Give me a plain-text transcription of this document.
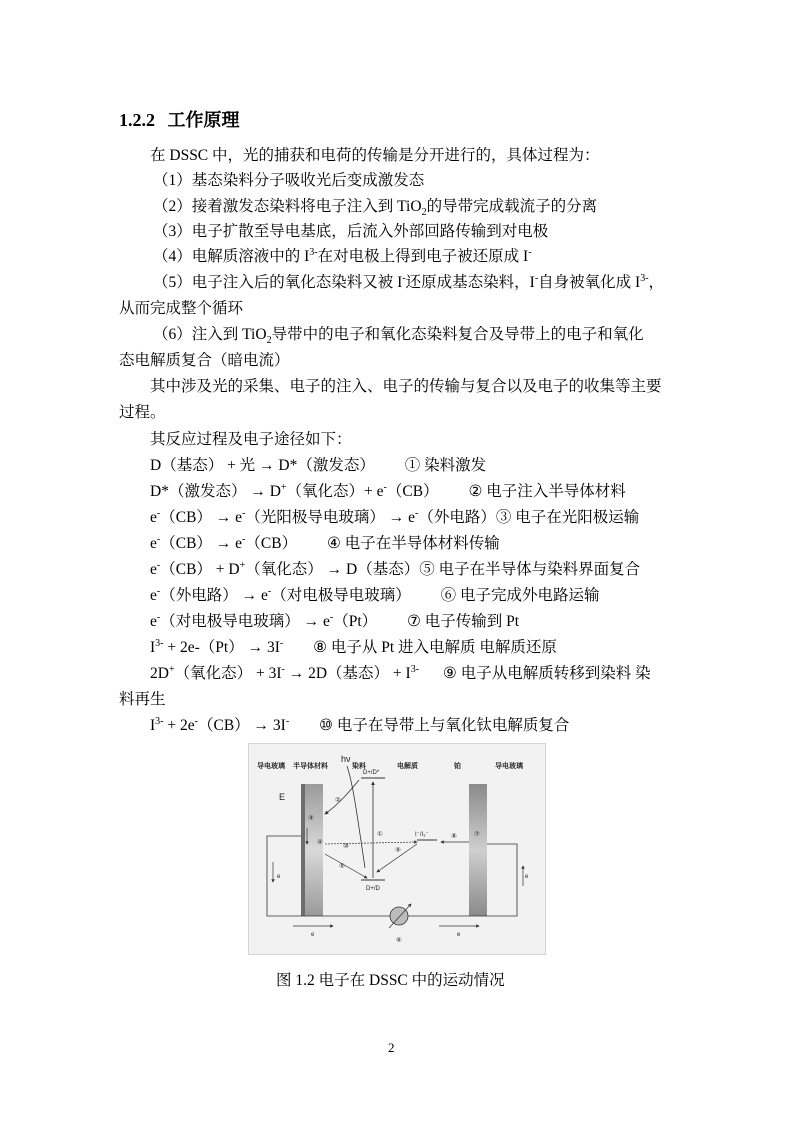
1.2.2 工作原理
在 DSSC 中，光的捕获和电荷的传输是分开进行的，具体过程为：
（1）基态染料分子吸收光后变成激发态
（2）接着激发态染料将电子注入到 TiO$_2$的导带完成载流子的分离
（3）电子扩散至导电基底，后流入外部回路传输到对电极
（4）电解质溶液中的 $I^{3-}$在对电极上得到电子被还原成 I-
（5）电子注入后的氧化态染料又被 I-还原成基态染料，I-自身被氧化成 $I^{3-}$，
从而完成整个循环
（6）注入到 TiO$_2$导带中的电子和氧化态染料复合及导带上的电子和氧化
态电解质复合（暗电流）
其中涉及光的采集、电子的注入、电子的传输与复合以及电子的收集等主要
过程。
其反应过程及电子途径如下：
D（基态） + 光 → D*（激发态） ① 染料激发
D*（激发态） → D+（氧化态）+ e-（CB） ② 电子注入半导体材料
e-（CB） → e-（光阳极导电玻璃） → e-（外电路）③ 电子在光阳极运输
e-（CB） → e-（CB） ④ 电子在半导体材料传输
e-（CB） + D+（氧化态） → D（基态）⑤ 电子在半导体与染料界面复合
e-（外电路） → e-（对电极导电玻璃） ⑥ 电子完成外电路运输
e-（对电极导电玻璃） → e-（Pt） ⑦ 电子传输到 Pt
$I^{3-} + 2e-(Pt) \to 3I^-$ ⑧ 电子从 Pt 进入电解质 电解质还原
2D+（氧化态） + 3I- → 2D（基态） + $I^{3-}$ ⑨ 电子从电解质转移到染料 染
料再生
$I^{3-} + 2e^-(CB) \to 3I^-$ ⑩ 电子在导带上与氧化钛电解质复合
导电玻璃 半导体材料	染料	电解质	铂	导电玻璃
hν
E
e	e
e	e
D+/D*
D+/D
I⁻/I₃⁻
①
②
③
④
⑤
⑥
⑦
⑧
⑨
⑩
图 1.2 电子在 DSSC 中的运动情况
2
